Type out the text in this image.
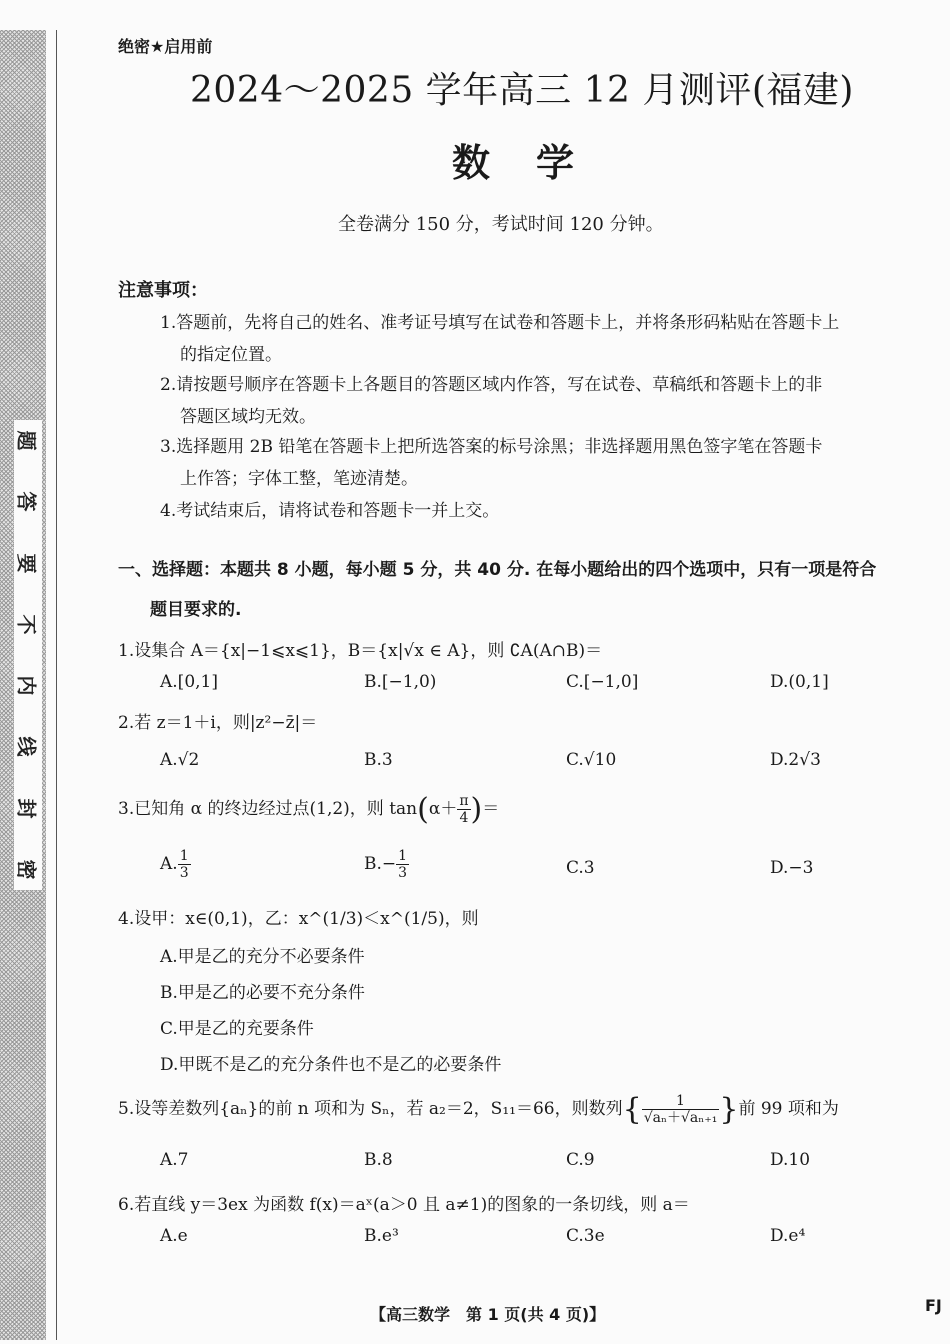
题
答
要
不
内
线
封
密
绝密★启用前
2024～2025 学年高三 12 月测评(福建)
数学
全卷满分 150 分，考试时间 120 分钟。
注意事项：
1.答题前，先将自己的姓名、准考证号填写在试卷和答题卡上，并将条形码粘贴在答题卡上
的指定位置。
2.请按题号顺序在答题卡上各题目的答题区域内作答，写在试卷、草稿纸和答题卡上的非
答题区域均无效。
3.选择题用 2B 铅笔在答题卡上把所选答案的标号涂黑；非选择题用黑色签字笔在答题卡
上作答；字体工整，笔迹清楚。
4.考试结束后，请将试卷和答题卡一并上交。
一、选择题：本题共 8 小题，每小题 5 分，共 40 分. 在每小题给出的四个选项中，只有一项是符合
题目要求的.
1.设集合 A＝{x|−1⩽x⩽1}，B＝{x|√x ∈ A}，则 ∁A(A∩B)＝
A.[0,1]	B.[−1,0)	C.[−1,0]	D.(0,1]
2.若 z＝1＋i，则|z²−z̄|＝
A.√2	B.3	C.√10	D.2√3
3.已知角 α 的终边经过点(1,2)，则 $\tan(\alpha+ \frac{\pi}{4}$ )＝
A. $\frac{1}{3}$	$B.- \frac{1}{3}$	C.3	D.−3
4.设甲：x∈(0,1)，乙：x^(1/3)＜x^(1/5)，则
A.甲是乙的充分不必要条件
B.甲是乙的必要不充分条件
C.甲是乙的充要条件
D.甲既不是乙的充分条件也不是乙的必要条件
5.设等差数列{aₙ}的前 n 项和为 Sₙ，若 a₂＝2，S₁₁＝66，则数列{ $\frac{1}{\text{√aₙ＋√aₙ₊₁}}$ }前 99 项和为
A.7	B.8	C.9	D.10
6.若直线 y＝3ex 为函数 f(x)＝aˣ(a＞0 且 a≠1)的图象的一条切线，则 a＝
A.e	B.e³	C.3e	D.e⁴
【高三数学　第 1 页(共 4 页)】	FJ
